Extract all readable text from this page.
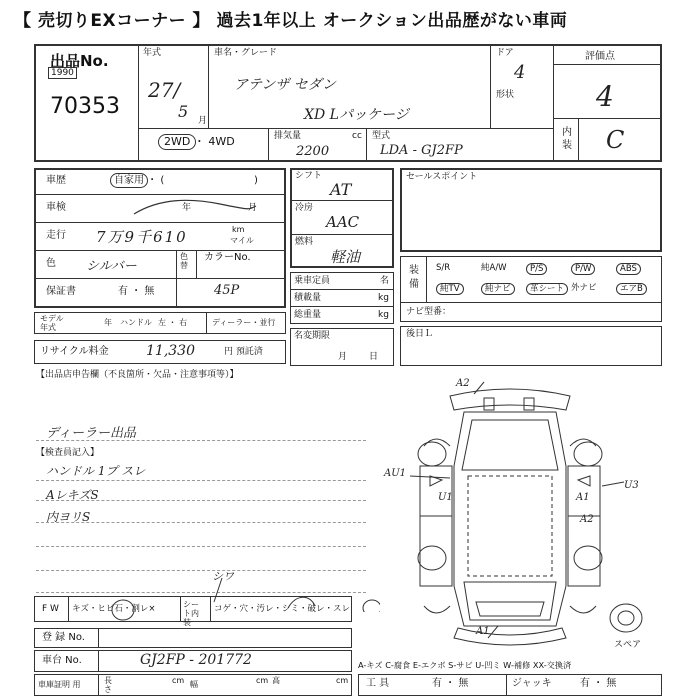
【 売切りEXコーナー 】 過去1年以上 オークション出品歴がない車両
出品No.
1990
70353
年式
27/
5 月
車名・グレード
アテンザ セダン
XD Lパッケージ
ドア
4
形状
2WD ・ 4WD	排気量	cc
2200
型式
LDA - GJ2FP
評価点
4
内装 C
車歴	自家用 ・ (	)
車検	年	月
走行 7万9千610	km
マイル
色 シルバー
色替
カラーNo.
45P
保証書	有 ・ 無
モデル年式
年 ハンドル 左 ・ 右	ディーラー・並行
リサイクル料金	11,330	円 預託済
シフト
AT
冷房
AAC
燃料
軽油
乗車定員	名
積載量	kg
総重量	kg
名変期限
月日
セールスポイント
装備
S/R	純A/W	P/S	P/W	ABS
純TV	純ナビ	革シート 外ナビ	エアB
ナビ型番：
後日Ｌ
【出品店申告欄（不良箇所・欠品・注意事項等）】
ディーラー出品
【検査員記入】
ハンドル 1プ スレ
AレキズS
内ヨリS
F W キズ・ヒビ石・割レ×	シート内 装
コゲ・穴・汚レ・シミ・破レ・スレ
シワ
登 録 No.
車台 No.	GJ2FP - 201772
車庫証明 用	長さ
cm 幅	cm 高	cm
A-キズ C-腐食 E-エクボ S-サビ U-凹ミ W-補修 XX-交換済
工 具	有 ・ 無	ジャッキ	有 ・ 無
A2
AU1
U1	A1
A2
U3
A1
スペア
